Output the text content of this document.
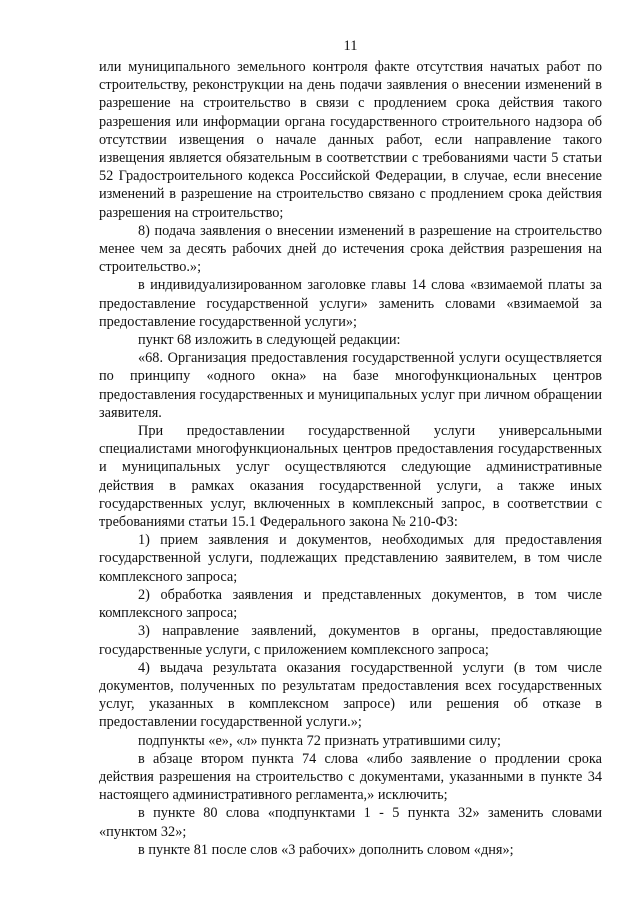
11

или муниципального земельного контроля факте отсутствия начатых работ по строительству, реконструкции на день подачи заявления о внесении изменений в разрешение на строительство в связи с продлением срока действия такого разрешения или информации органа государственного строительного надзора об отсутствии извещения о начале данных работ, если направление такого извещения является обязательным в соответствии с требованиями части 5 статьи 52 Градостроительного кодекса Российской Федерации, в случае, если внесение изменений в разрешение на строительство связано с продлением срока действия разрешения на строительство;

8) подача заявления о внесении изменений в разрешение на строительство менее чем за десять рабочих дней до истечения срока действия разрешения на строительство.»;

в индивидуализированном заголовке главы 14 слова «взимаемой платы за предоставление государственной услуги» заменить словами «взимаемой за предоставление государственной услуги»;

пункт 68 изложить в следующей редакции:

«68. Организация предоставления государственной услуги осуществляется по принципу «одного окна» на базе многофункциональных центров предоставления государственных и муниципальных услуг при личном обращении заявителя.

При предоставлении государственной услуги универсальными специалистами многофункциональных центров предоставления государственных и муниципальных услуг осуществляются следующие административные действия в рамках оказания государственной услуги, а также иных государственных услуг, включенных в комплексный запрос, в соответствии с требованиями статьи 15.1 Федерального закона № 210-ФЗ:

1) прием заявления и документов, необходимых для предоставления государственной услуги, подлежащих представлению заявителем, в том числе комплексного запроса;

2) обработка заявления и представленных документов, в том числе комплексного запроса;

3) направление заявлений, документов в органы, предоставляющие государственные услуги, с приложением комплексного запроса;

4) выдача результата оказания государственной услуги (в том числе документов, полученных по результатам предоставления всех государственных услуг, указанных в комплексном запросе) или решения об отказе в предоставлении государственной услуги.»;

подпункты «е», «л» пункта 72 признать утратившими силу;

в абзаце втором пункта 74 слова «либо заявление о продлении срока действия разрешения на строительство с документами, указанными в пункте 34 настоящего административного регламента,» исключить;

в пункте 80 слова «подпунктами 1 - 5 пункта 32» заменить словами «пунктом 32»;

в пункте 81 после слов «3 рабочих» дополнить словом «дня»;
